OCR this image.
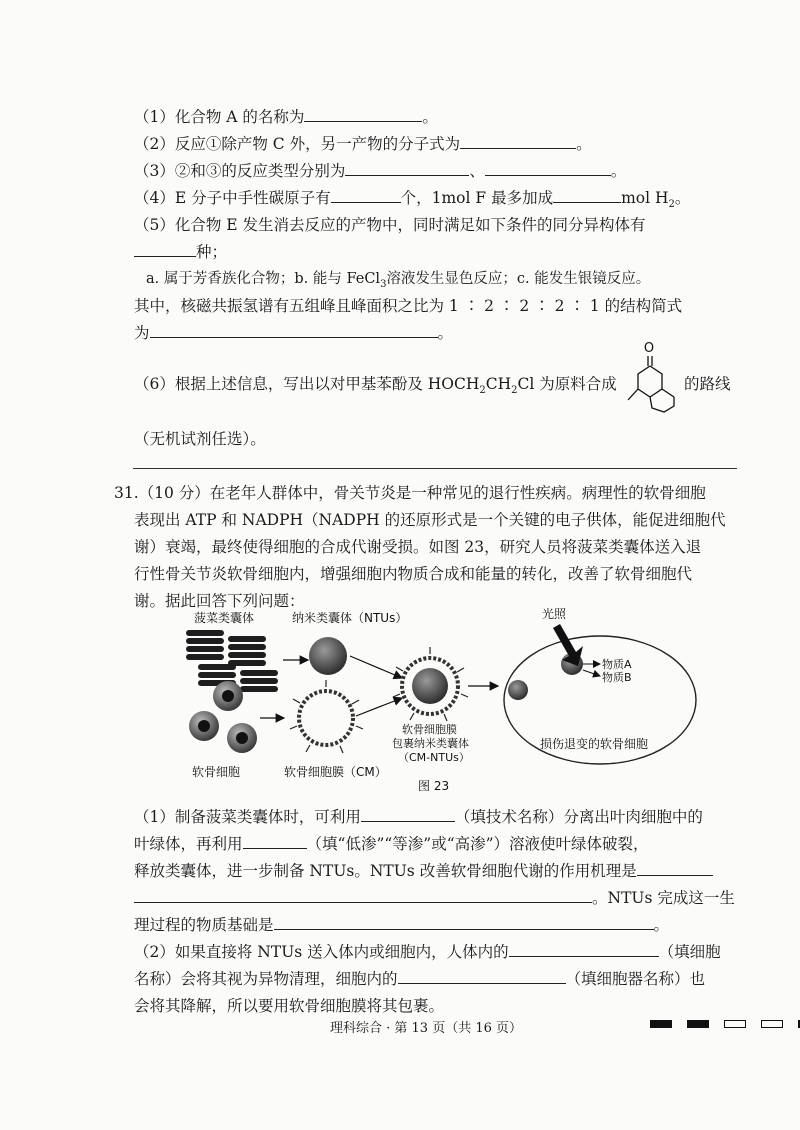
（1）化合物 A 的名称为	。
（2）反应①除产物 C 外，另一产物的分子式为	。
（3）②和③的反应类型分别为	、	。
（4）E 分子中手性碳原子有	个，1mol F 最多加成	mol $H_2$。
（5）化合物 E 发生消去反应的产物中，同时满足如下条件的同分异构体有
种；
a. 属于芳香族化合物；b. 能与 FeCl$_3$溶液发生显色反应；c. 能发生银镜反应。
其中，核磁共振氢谱有五组峰且峰面积之比为 1 ∶ 2 ∶ 2 ∶ 2 ∶ 1 的结构简式
为	。
（6）根据上述信息，写出以对甲基苯酚及 $HOCH_2CH_2Cl$ 为原料合成
O
的路线
（无机试剂任选）。
31.（10 分）在老年人群体中，骨关节炎是一种常见的退行性疾病。病理性的软骨细胞
表现出 ATP 和 NADPH（NADPH 的还原形式是一个关键的电子供体，能促进细胞代
谢）衰竭，最终使得细胞的合成代谢受损。如图 23，研究人员将菠菜类囊体送入退
行性骨关节炎软骨细胞内，增强细胞内物质合成和能量的转化，改善了软骨细胞代
谢。据此回答下列问题：
菠菜类囊体	纳米类囊体（NTUs）	光照
软骨细胞	软骨细胞膜（CM）
软骨细胞膜
包裹纳米类囊体
（CM-NTUs）
物质A
物质B
损伤退变的软骨细胞
图 23
（1）制备菠菜类囊体时，可利用	（填技术名称）分离出叶肉细胞中的
叶绿体，再利用	（填“低渗”“等渗”或“高渗”）溶液使叶绿体破裂，
释放类囊体，进一步制备 NTUs。NTUs 改善软骨细胞代谢的作用机理是
。NTUs 完成这一生
理过程的物质基础是	。
（2）如果直接将 NTUs 送入体内或细胞内，人体内的	（填细胞
名称）会将其视为异物清理，细胞内的	（填细胞器名称）也
会将其降解，所以要用软骨细胞膜将其包裹。
理科综合 · 第 13 页（共 16 页）
